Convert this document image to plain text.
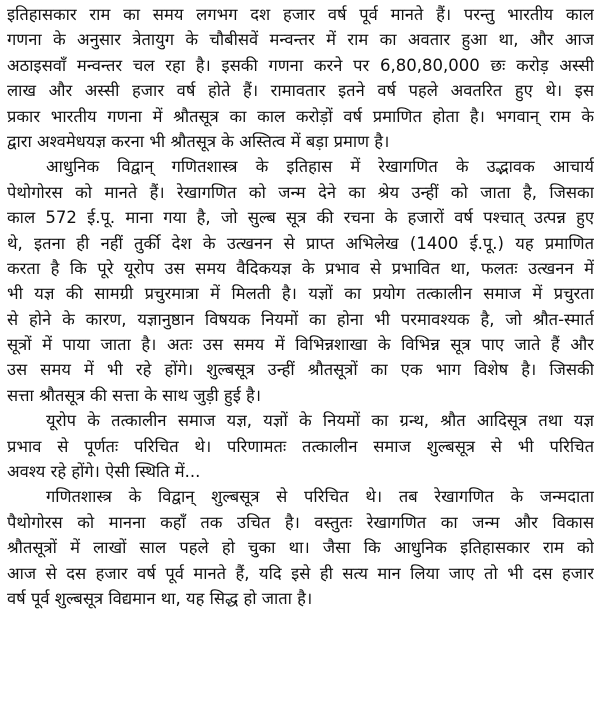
इतिहासकार राम का समय लगभग दश हजार वर्ष पूर्व मानते हैं। परन्तु भारतीय काल
गणना के अनुसार त्रेतायुग के चौबीसवें मन्वन्तर में राम का अवतार हुआ था, और आज
अठाइसवाँ मन्वन्तर चल रहा है। इसकी गणना करने पर 6,80,80,000 छः करोड़ अस्सी
लाख और अस्सी हजार वर्ष होते हैं। रामावतार इतने वर्ष पहले अवतरित हुए थे। इस
प्रकार भारतीय गणना में श्रौतसूत्र का काल करोड़ों वर्ष प्रमाणित होता है। भगवान् राम के
द्वारा अश्वमेधयज्ञ करना भी श्रौतसूत्र के अस्तित्व में बड़ा प्रमाण है।
आधुनिक विद्वान् गणितशास्त्र के इतिहास में रेखागणित के उद्भावक आचार्य
पेथोगोरस को मानते हैं। रेखागणित को जन्म देने का श्रेय उन्हीं को जाता है, जिसका
काल 572 ई.पू. माना गया है, जो सुल्ब सूत्र की रचना के हजारों वर्ष पश्चात् उत्पन्न हुए
थे, इतना ही नहीं तुर्की देश के उत्खनन से प्राप्त अभिलेख (1400 ई.पू.) यह प्रमाणित
करता है कि पूरे यूरोप उस समय वैदिकयज्ञ के प्रभाव से प्रभावित था, फलतः उत्खनन में
भी यज्ञ की सामग्री प्रचुरमात्रा में मिलती है। यज्ञों का प्रयोग तत्कालीन समाज में प्रचुरता
से होने के कारण, यज्ञानुष्ठान विषयक नियमों का होना भी परमावश्यक है, जो श्रौत-स्मार्त
सूत्रों में पाया जाता है। अतः उस समय में विभिन्नशाखा के विभिन्न सूत्र पाए जाते हैं और
उस समय में भी रहे होंगे। शुल्बसूत्र उन्हीं श्रौतसूत्रों का एक भाग विशेष है। जिसकी
सत्ता श्रौतसूत्र की सत्ता के साथ जुड़ी हुई है।
यूरोप के तत्कालीन समाज यज्ञ, यज्ञों के नियमों का ग्रन्थ, श्रौत आदिसूत्र तथा यज्ञ
प्रभाव से पूर्णतः परिचित थे। परिणामतः तत्कालीन समाज शुल्बसूत्र से भी परिचित
अवश्य रहे होंगे। ऐसी स्थिति में...
गणितशास्त्र के विद्वान् शुल्बसूत्र से परिचित थे। तब रेखागणित के जन्मदाता
पैथोगोरस को मानना कहाँ तक उचित है। वस्तुतः रेखागणित का जन्म और विकास
श्रौतसूत्रों में लाखों साल पहले हो चुका था। जैसा कि आधुनिक इतिहासकार राम को
आज से दस हजार वर्ष पूर्व मानते हैं, यदि इसे ही सत्य मान लिया जाए तो भी दस हजार
वर्ष पूर्व शुल्बसूत्र विद्यमान था, यह सिद्ध हो जाता है।
